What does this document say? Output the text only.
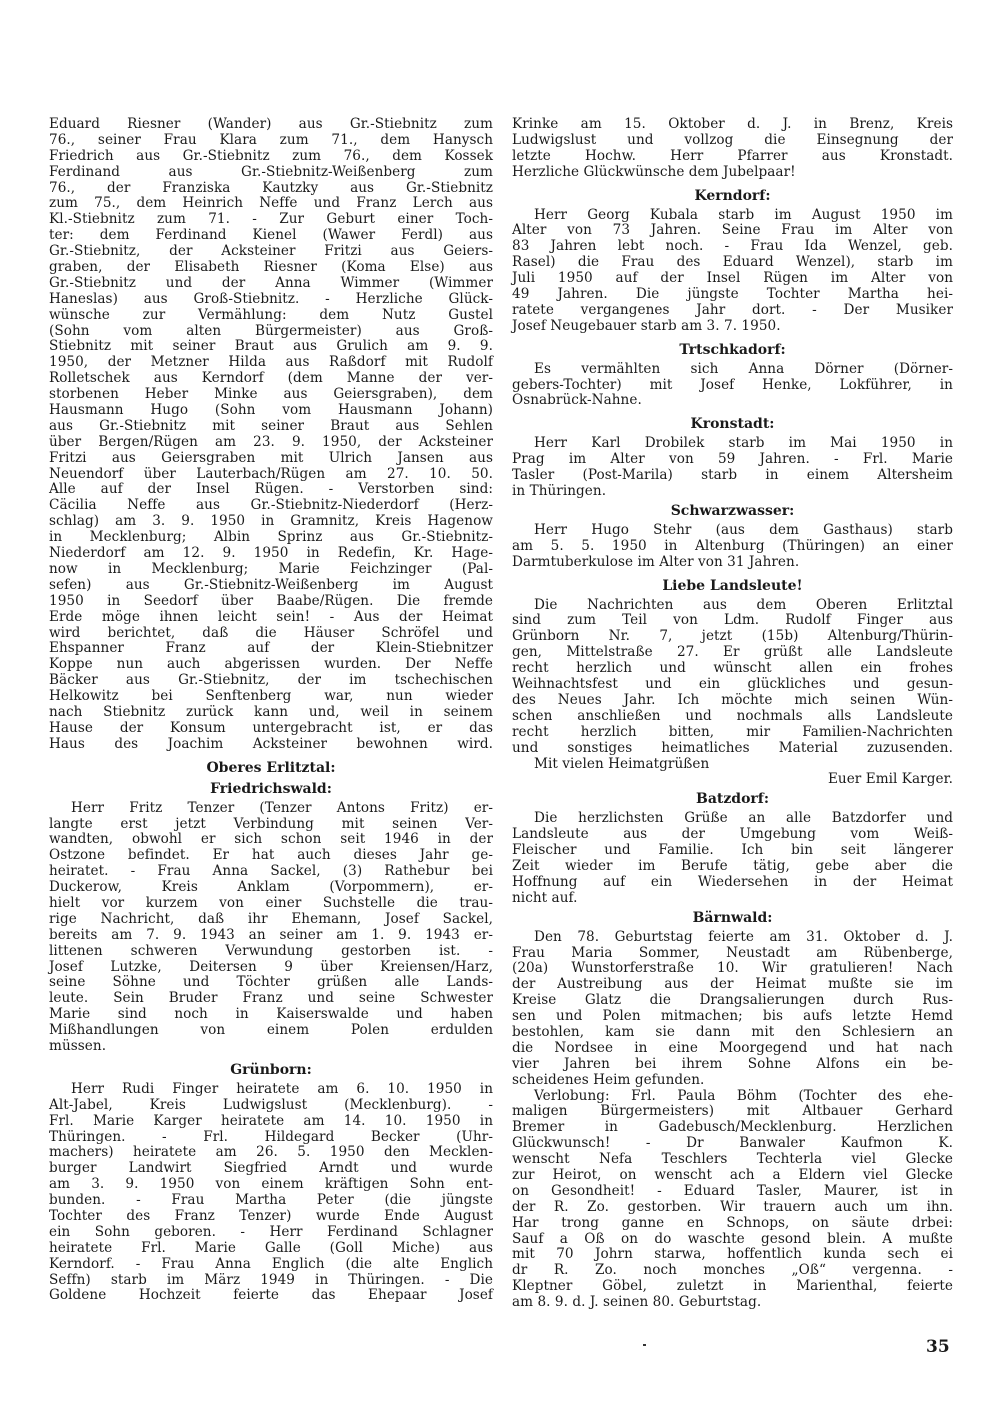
Eduard Riesner (Wander) aus Gr.-Stiebnitz zum
76., seiner Frau Klara zum 71., dem Hanysch
Friedrich aus Gr.-Stiebnitz zum 76., dem Kossek
Ferdinand aus Gr.-Stiebnitz-Weißenberg zum
76., der Franziska Kautzky aus Gr.-Stiebnitz
zum 75., dem Heinrich Neffe und Franz Lerch aus
Kl.-Stiebnitz zum 71. - Zur Geburt einer Toch-
ter: dem Ferdinand Kienel (Wawer Ferdl) aus
Gr.-Stiebnitz, der Acksteiner Fritzi aus Geiers-
graben, der Elisabeth Riesner (Koma Else) aus
Gr.-Stiebnitz und der Anna Wimmer (Wimmer
Haneslas) aus Groß-Stiebnitz. - Herzliche Glück-
wünsche zur Vermählung: dem Nutz Gustel
(Sohn vom alten Bürgermeister) aus Groß-
Stiebnitz mit seiner Braut aus Grulich am 9. 9.
1950, der Metzner Hilda aus Raßdorf mit Rudolf
Rolletschek aus Kerndorf (dem Manne der ver-
storbenen Heber Minke aus Geiersgraben), dem
Hausmann Hugo (Sohn vom Hausmann Johann)
aus Gr.-Stiebnitz mit seiner Braut aus Sehlen
über Bergen/Rügen am 23. 9. 1950, der Acksteiner
Fritzi aus Geiersgraben mit Ulrich Jansen aus
Neuendorf über Lauterbach/Rügen am 27. 10. 50.
Alle auf der Insel Rügen. - Verstorben sind:
Cäcilia Neffe aus Gr.-Stiebnitz-Niederdorf (Herz-
schlag) am 3. 9. 1950 in Gramnitz, Kreis Hagenow
in Mecklenburg; Albin Sprinz aus Gr.-Stiebnitz-
Niederdorf am 12. 9. 1950 in Redefin, Kr. Hage-
now in Mecklenburg; Marie Feichzinger (Pal-
sefen) aus Gr.-Stiebnitz-Weißenberg im August
1950 in Seedorf über Baabe/Rügen. Die fremde
Erde möge ihnen leicht sein! - Aus der Heimat
wird berichtet, daß die Häuser Schröfel und
Ehspanner Franz auf der Klein-Stiebnitzer
Koppe nun auch abgerissen wurden. Der Neffe
Bäcker aus Gr.-Stiebnitz, der im tschechischen
Helkowitz bei Senftenberg war, nun wieder
nach Stiebnitz zurück kann und, weil in seinem
Hause der Konsum untergebracht ist, er das
Haus des Joachim Acksteiner bewohnen wird.
Oberes Erlitztal:
Friedrichswald:
Herr Fritz Tenzer (Tenzer Antons Fritz) er-
langte erst jetzt Verbindung mit seinen Ver-
wandten, obwohl er sich schon seit 1946 in der
Ostzone befindet. Er hat auch dieses Jahr ge-
heiratet. - Frau Anna Sackel, (3) Rathebur bei
Duckerow, Kreis Anklam (Vorpommern), er-
hielt vor kurzem von einer Suchstelle die trau-
rige Nachricht, daß ihr Ehemann, Josef Sackel,
bereits am 7. 9. 1943 an seiner am 1. 9. 1943 er-
littenen schweren Verwundung gestorben ist. -
Josef Lutzke, Deitersen 9 über Kreiensen/Harz,
seine Söhne und Töchter grüßen alle Lands-
leute. Sein Bruder Franz und seine Schwester
Marie sind noch in Kaiserswalde und haben
Mißhandlungen von einem Polen erdulden
müssen.
Grünborn:
Herr Rudi Finger heiratete am 6. 10. 1950 in
Alt-Jabel, Kreis Ludwigslust (Mecklenburg). -
Frl. Marie Karger heiratete am 14. 10. 1950 in
Thüringen. - Frl. Hildegard Becker (Uhr-
machers) heiratete am 26. 5. 1950 den Mecklen-
burger Landwirt Siegfried Arndt und wurde
am 3. 9. 1950 von einem kräftigen Sohn ent-
bunden. - Frau Martha Peter (die jüngste
Tochter des Franz Tenzer) wurde Ende August
ein Sohn geboren. - Herr Ferdinand Schlagner
heiratete Frl. Marie Galle (Goll Miche) aus
Kerndorf. - Frau Anna Englich (die alte Englich
Seffn) starb im März 1949 in Thüringen. - Die
Goldene Hochzeit feierte das Ehepaar Josef
Krinke am 15. Oktober d. J. in Brenz, Kreis
Ludwigslust und vollzog die Einsegnung der
letzte Hochw. Herr Pfarrer aus Kronstadt.
Herzliche Glückwünsche dem Jubelpaar!
Kerndorf:
Herr Georg Kubala starb im August 1950 im
Alter von 73 Jahren. Seine Frau im Alter von
83 Jahren lebt noch. - Frau Ida Wenzel, geb.
Rasel) die Frau des Eduard Wenzel), starb im
Juli 1950 auf der Insel Rügen im Alter von
49 Jahren. Die jüngste Tochter Martha hei-
ratete vergangenes Jahr dort. - Der Musiker
Josef Neugebauer starb am 3. 7. 1950.
Trtschkadorf:
Es vermählten sich Anna Dörner (Dörner-
gebers-Tochter) mit Josef Henke, Lokführer, in
Osnabrück-Nahne.
Kronstadt:
Herr Karl Drobilek starb im Mai 1950 in
Prag im Alter von 59 Jahren. - Frl. Marie
Tasler (Post-Marila) starb in einem Altersheim
in Thüringen.
Schwarzwasser:
Herr Hugo Stehr (aus dem Gasthaus) starb
am 5. 5. 1950 in Altenburg (Thüringen) an einer
Darmtuberkulose im Alter von 31 Jahren.
Liebe Landsleute!
Die Nachrichten aus dem Oberen Erlitztal
sind zum Teil von Ldm. Rudolf Finger aus
Grünborn Nr. 7, jetzt (15b) Altenburg/Thürin-
gen, Mittelstraße 27. Er grüßt alle Landsleute
recht herzlich und wünscht allen ein frohes
Weihnachtsfest und ein glückliches und gesun-
des Neues Jahr. Ich möchte mich seinen Wün-
schen anschließen und nochmals alls Landsleute
recht herzlich bitten, mir Familien-Nachrichten
und sonstiges heimatliches Material zuzusenden.
Mit vielen Heimatgrüßen
Euer Emil Karger.
Batzdorf:
Die herzlichsten Grüße an alle Batzdorfer und
Landsleute aus der Umgebung vom Weiß-
Fleischer und Familie. Ich bin seit längerer
Zeit wieder im Berufe tätig, gebe aber die
Hoffnung auf ein Wiedersehen in der Heimat
nicht auf.
Bärnwald:
Den 78. Geburtstag feierte am 31. Oktober d. J.
Frau Maria Sommer, Neustadt am Rübenberge,
(20a) Wunstorferstraße 10. Wir gratulieren! Nach
der Austreibung aus der Heimat mußte sie im
Kreise Glatz die Drangsalierungen durch Rus-
sen und Polen mitmachen; bis aufs letzte Hemd
bestohlen, kam sie dann mit den Schlesiern an
die Nordsee in eine Moorgegend und hat nach
vier Jahren bei ihrem Sohne Alfons ein be-
scheidenes Heim gefunden.
Verlobung: Frl. Paula Böhm (Tochter des ehe-
maligen Bürgermeisters) mit Altbauer Gerhard
Bremer in Gadebusch/Mecklenburg. Herzlichen
Glückwunsch! - Dr Banwaler Kaufmon K.
wenscht Nefa Teschlers Techterla viel Glecke
zur Heirot, on wenscht ach a Eldern viel Glecke
on Gesondheit! - Eduard Tasler, Maurer, ist in
der R. Zo. gestorben. Wir trauern auch um ihn.
Har trong ganne en Schnops, on säute drbei:
Sauf a Oß on do waschte gesond blein. A mußte
mit 70 Johrn starwa, hoffentlich kunda sech ei
dr R. Zo. noch monches „Oß“ vergenna. -
Kleptner Göbel, zuletzt in Marienthal, feierte
am 8. 9. d. J. seinen 80. Geburtstag.
35
